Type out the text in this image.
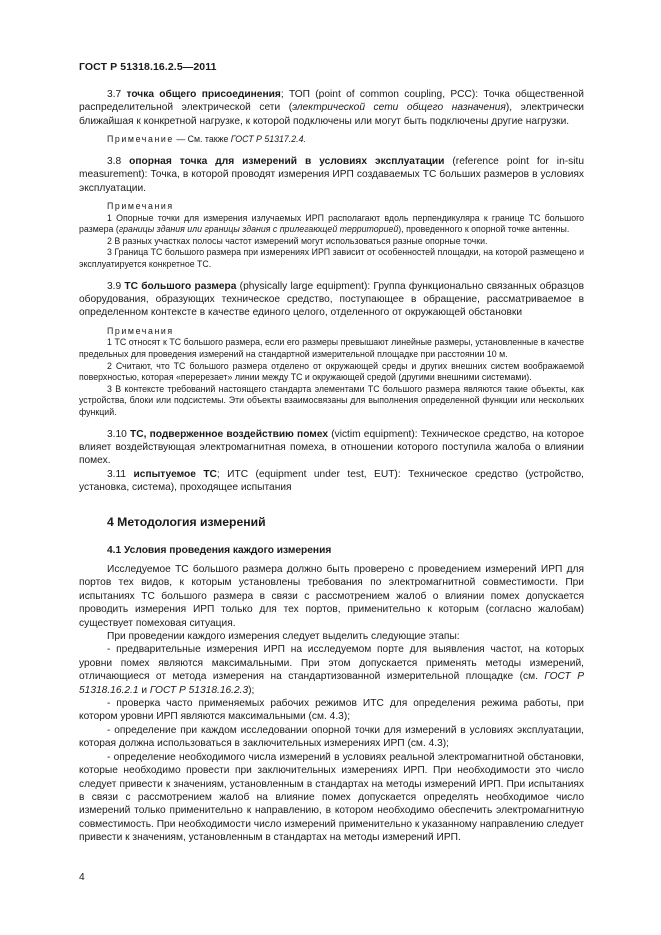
ГОСТ Р 51318.16.2.5—2011

3.7 точка общего присоединения; ТОП (point of common coupling, PCC): Точка общественной распределительной электрической сети (электрической сети общего назначения), электрически ближайшая к конкретной нагрузке, к которой подключены или могут быть подключены другие нагрузки.

Примечание — См. также ГОСТ Р 51317.2.4.

3.8 опорная точка для измерений в условиях эксплуатации (reference point for in-situ measurement): Точка, в которой проводят измерения ИРП создаваемых ТС больших размеров в условиях эксплуатации.

Примечания

1 Опорные точки для измерения излучаемых ИРП располагают вдоль перпендикуляра к границе ТС большого размера (границы здания или границы здания с прилегающей территорией), проведенного к опорной точке антенны.

2 В разных участках полосы частот измерений могут использоваться разные опорные точки.

3 Граница ТС большого размера при измерениях ИРП зависит от особенностей площадки, на которой размещено и эксплуатируется конкретное ТС.

3.9 ТС большого размера (physically large equipment): Группа функционально связанных образцов оборудования, образующих техническое средство, поступающее в обращение, рассматриваемое в определенном контексте в качестве единого целого, отделенного от окружающей обстановки

Примечания

1 ТС относят к ТС большого размера, если его размеры превышают линейные размеры, установленные в качестве предельных для проведения измерений на стандартной измерительной площадке при расстоянии 10 м.

2 Считают, что ТС большого размера отделено от окружающей среды и других внешних систем воображаемой поверхностью, которая «перерезает» линии между ТС и окружающей средой (другими внешними системами).

3 В контексте требований настоящего стандарта элементами ТС большого размера являются такие объекты, как устройства, блоки или подсистемы. Эти объекты взаимосвязаны для выполнения определенной функции или нескольких функций.

3.10 ТС, подверженное воздействию помех (victim equipment): Техническое средство, на которое влияет воздействующая электромагнитная помеха, в отношении которого поступила жалоба о влиянии помех.

3.11 испытуемое ТС; ИТС (equipment under test, EUT): Техническое средство (устройство, установка, система), проходящее испытания

4 Методология измерений

4.1 Условия проведения каждого измерения

Исследуемое ТС большого размера должно быть проверено с проведением измерений ИРП для портов тех видов, к которым установлены требования по электромагнитной совместимости. При испытаниях ТС большого размера в связи с рассмотрением жалоб о влиянии помех допускается проводить измерения ИРП только для тех портов, применительно к которым (согласно жалобам) существует помеховая ситуация.

При проведении каждого измерения следует выделить следующие этапы:

- предварительные измерения ИРП на исследуемом порте для выявления частот, на которых уровни помех являются максимальными. При этом допускается применять методы измерений, отличающиеся от метода измерения на стандартизованной измерительной площадке (см. ГОСТ Р 51318.16.2.1 и ГОСТ Р 51318.16.2.3);

- проверка часто применяемых рабочих режимов ИТС для определения режима работы, при котором уровни ИРП являются максимальными (см. 4.3);

- определение при каждом исследовании опорной точки для измерений в условиях эксплуатации, которая должна использоваться в заключительных измерениях ИРП (см. 4.3);

- определение необходимого числа измерений в условиях реальной электромагнитной обстановки, которые необходимо провести при заключительных измерениях ИРП. При необходимости это число следует привести к значениям, установленным в стандартах на методы измерений ИРП. При испытаниях в связи с рассмотрением жалоб на влияние помех допускается определять необходимое число измерений только применительно к направлению, в котором необходимо обеспечить электромагнитную совместимость. При необходимости число измерений применительно к указанному направлению следует привести к значениям, установленным в стандартах на методы измерений ИРП.

4
